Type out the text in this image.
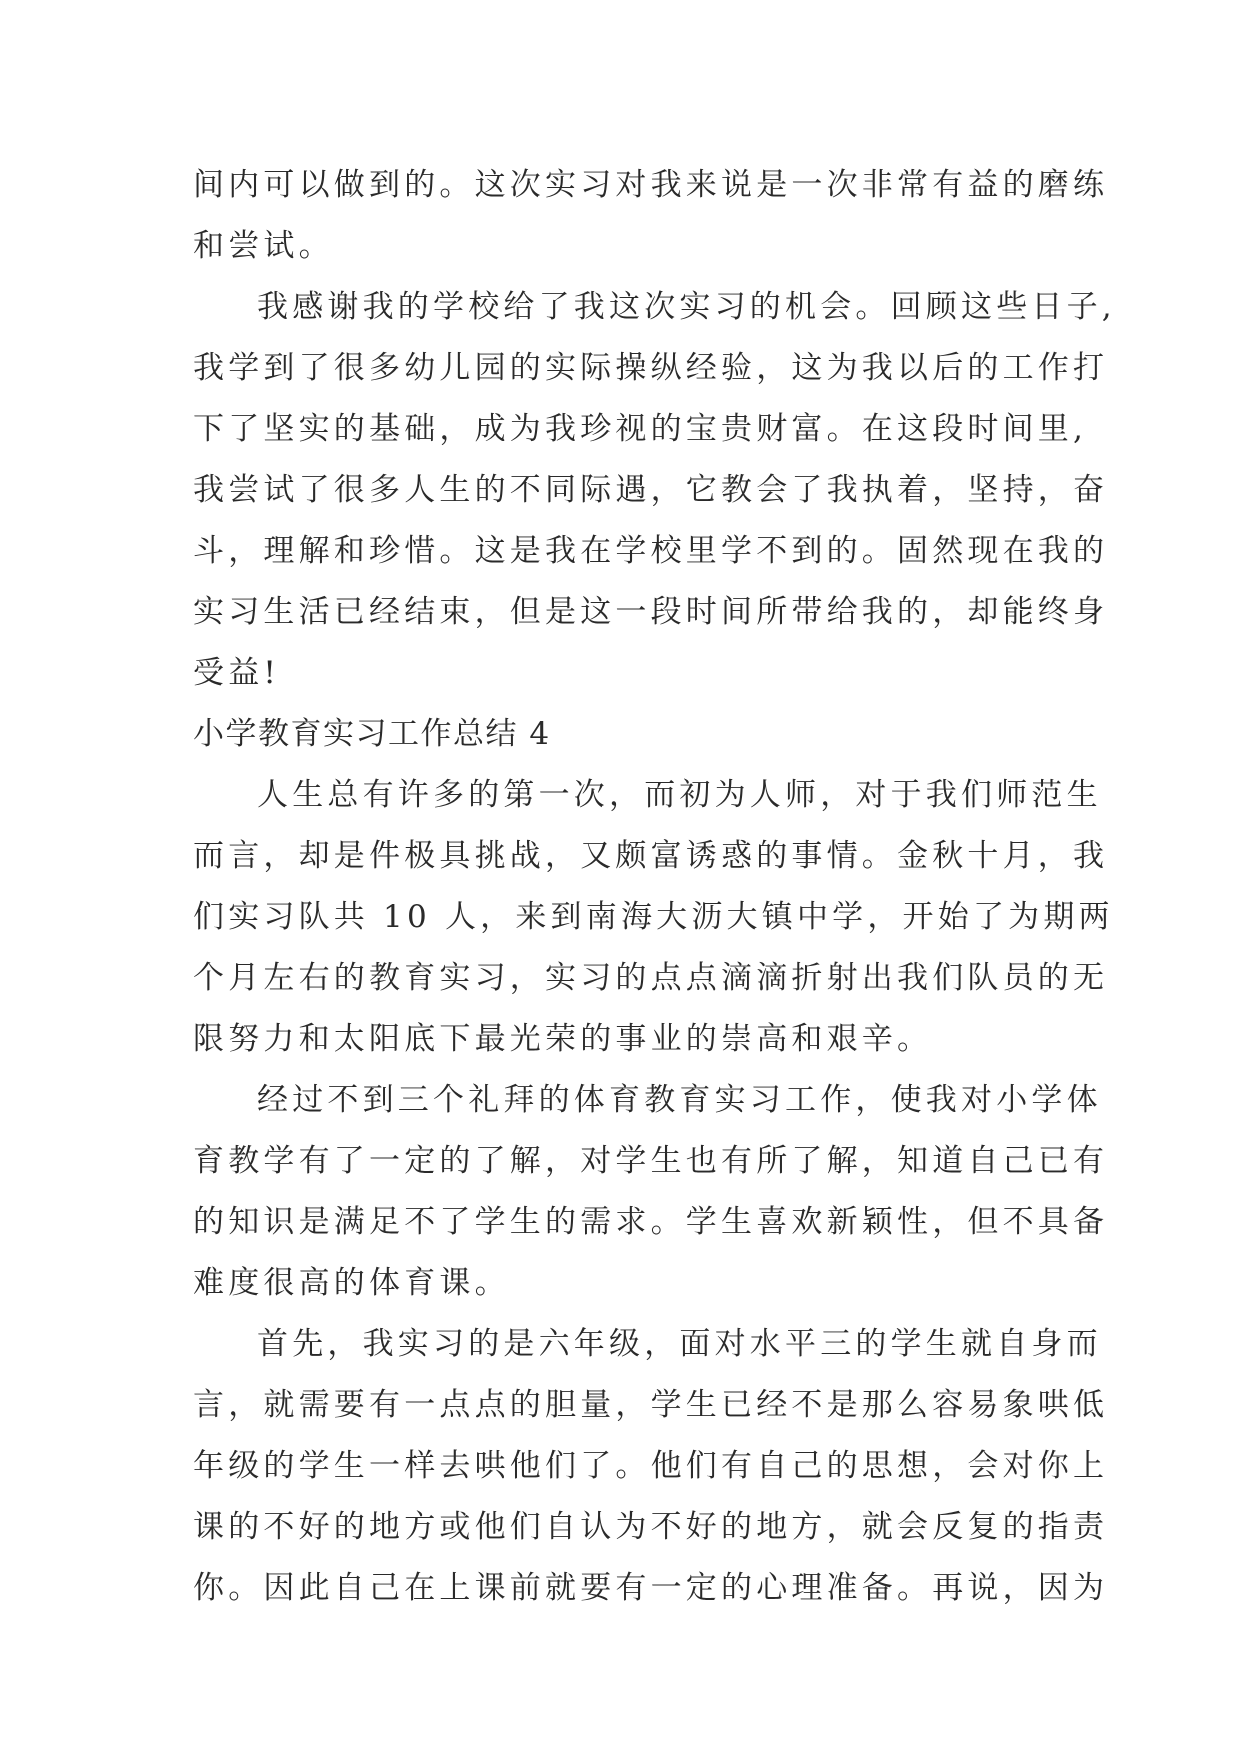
间内可以做到的。这次实习对我来说是一次非常有益的磨练
和尝试。
我感谢我的学校给了我这次实习的机会。回顾这些日子,
我学到了很多幼儿园的实际操纵经验，这为我以后的工作打
下了坚实的基础，成为我珍视的宝贵财富。在这段时间里,
我尝试了很多人生的不同际遇，它教会了我执着，坚持，奋
斗，理解和珍惜。这是我在学校里学不到的。固然现在我的
实习生活已经结束，但是这一段时间所带给我的，却能终身
受益!
小学教育实习工作总结 4
人生总有许多的第一次，而初为人师，对于我们师范生
而言，却是件极具挑战，又颇富诱惑的事情。金秋十月，我
们实习队共 10 人，来到南海大沥大镇中学，开始了为期两
个月左右的教育实习，实习的点点滴滴折射出我们队员的无
限努力和太阳底下最光荣的事业的崇高和艰辛。
经过不到三个礼拜的体育教育实习工作，使我对小学体
育教学有了一定的了解，对学生也有所了解，知道自己已有
的知识是满足不了学生的需求。学生喜欢新颖性，但不具备
难度很高的体育课。
首先，我实习的是六年级，面对水平三的学生就自身而
言，就需要有一点点的胆量，学生已经不是那么容易象哄低
年级的学生一样去哄他们了。他们有自己的思想，会对你上
课的不好的地方或他们自认为不好的地方，就会反复的指责
你。因此自己在上课前就要有一定的心理准备。再说，因为
